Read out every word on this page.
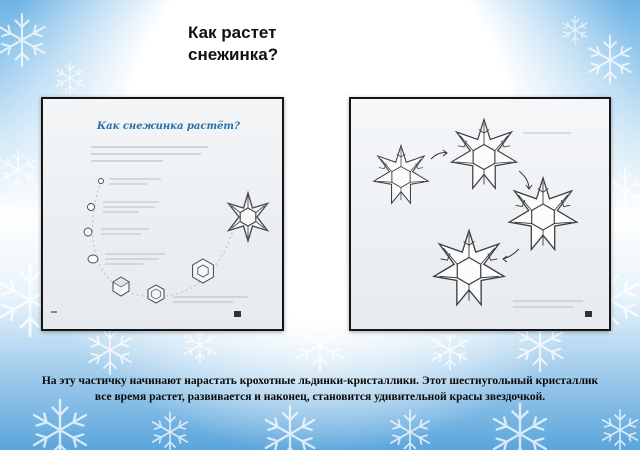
Как растет
снежинка?
Как снежинка растёт?
На эту частичку начинают нарастать крохотные льдинки-кристаллики. Этот шестиугольный кристаллик все время растет, развивается и наконец, становится удивительной красы звездочкой.
